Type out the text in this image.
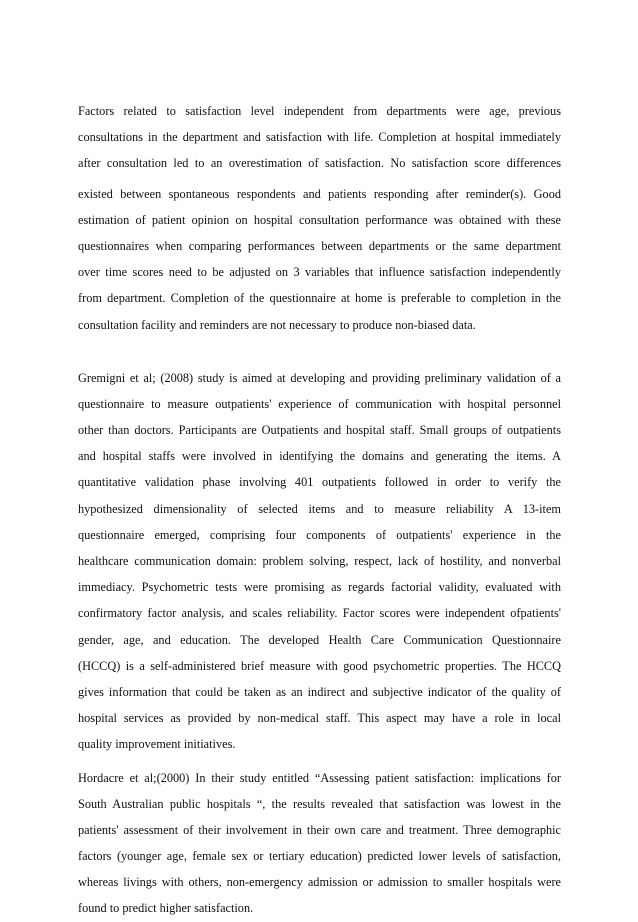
Factors related to satisfaction level independent from departments were age, previous
consultations in the department and satisfaction with life. Completion at hospital immediately
after consultation led to an overestimation of satisfaction. No satisfaction score differences
existed between spontaneous respondents and patients responding after reminder(s). Good
estimation of patient opinion on hospital consultation performance was obtained with these
questionnaires when comparing performances between departments or the same department
over time scores need to be adjusted on 3 variables that influence satisfaction independently
from department. Completion of the questionnaire at home is preferable to completion in the
consultation facility and reminders are not necessary to produce non-biased data.
Gremigni et al; (2008) study is aimed at developing and providing preliminary validation of a
questionnaire to measure outpatients' experience of communication with hospital personnel
other than doctors. Participants are Outpatients and hospital staff. Small groups of outpatients
and hospital staffs were involved in identifying the domains and generating the items. A
quantitative validation phase involving 401 outpatients followed in order to verify the
hypothesized dimensionality of selected items and to measure reliability A 13-item
questionnaire emerged, comprising four components of outpatients' experience in the
healthcare communication domain: problem solving, respect, lack of hostility, and nonverbal
immediacy. Psychometric tests were promising as regards factorial validity, evaluated with
confirmatory factor analysis, and scales reliability. Factor scores were independent ofpatients'
gender, age, and education. The developed Health Care Communication Questionnaire
(HCCQ) is a self-administered brief measure with good psychometric properties. The HCCQ
gives information that could be taken as an indirect and subjective indicator of the quality of
hospital services as provided by non-medical staff. This aspect may have a role in local
quality improvement initiatives.
Hordacre et al;(2000) In their study entitled “Assessing patient satisfaction: implications for
South Australian public hospitals “, the results revealed that satisfaction was lowest in the
patients' assessment of their involvement in their own care and treatment. Three demographic
factors (younger age, female sex or tertiary education) predicted lower levels of satisfaction,
whereas livings with others, non-emergency admission or admission to smaller hospitals were
found to predict higher satisfaction.
